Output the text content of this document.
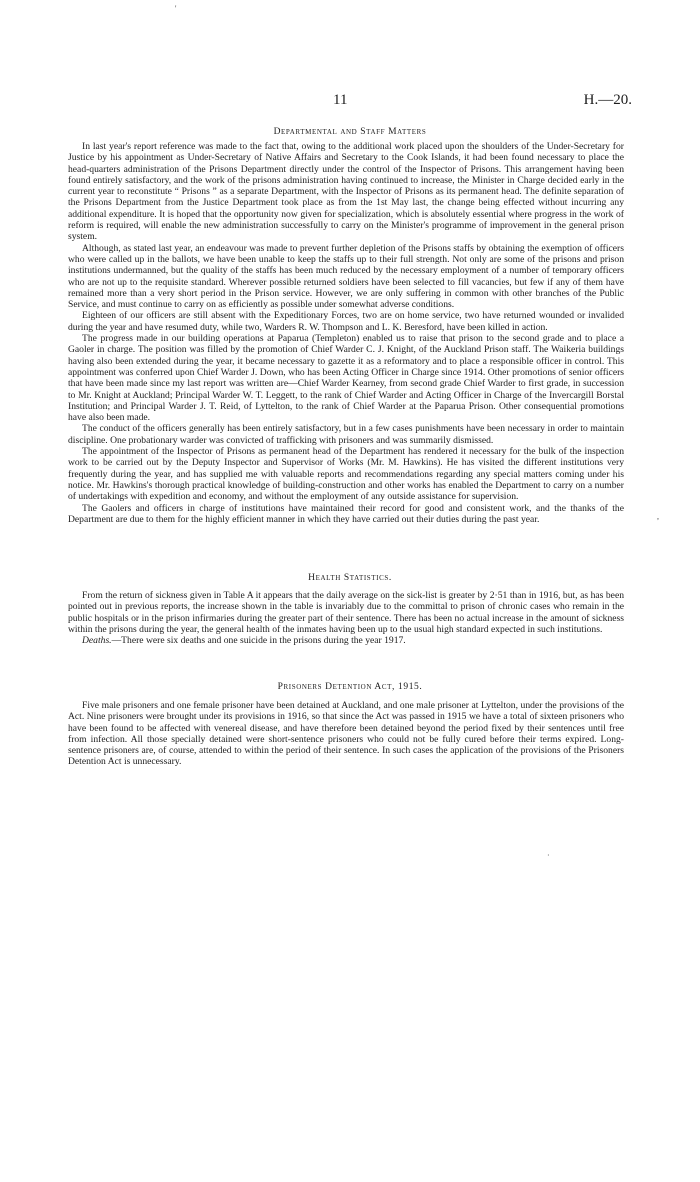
'
11	H.—20.
Departmental and Staff Matters

In last year's report reference was made to the fact that, owing to the additional work placed upon the shoulders of the Under-Secretary for Justice by his appointment as Under-Secretary of Native Affairs and Secretary to the Cook Islands, it had been found necessary to place the head-quarters administration of the Prisons Department directly under the control of the Inspector of Prisons. This arrangement having been found entirely satisfactory, and the work of the prisons administration having continued to increase, the Minister in Charge decided early in the current year to reconstitute “ Prisons ” as a separate Department, with the Inspector of Prisons as its permanent head. The definite separation of the Prisons Department from the Justice Department took place as from the 1st May last, the change being effected without incurring any additional expenditure. It is hoped that the opportunity now given for specialization, which is absolutely essential where progress in the work of reform is required, will enable the new administration successfully to carry on the Minister's programme of improvement in the general prison system.

Although, as stated last year, an endeavour was made to prevent further depletion of the Prisons staffs by obtaining the exemption of officers who were called up in the ballots, we have been unable to keep the staffs up to their full strength. Not only are some of the prisons and prison institutions undermanned, but the quality of the staffs has been much reduced by the necessary employment of a number of temporary officers who are not up to the requisite standard. Wherever possible returned soldiers have been selected to fill vacancies, but few if any of them have remained more than a very short period in the Prison service. However, we are only suffering in common with other branches of the Public Service, and must continue to carry on as efficiently as possible under somewhat adverse conditions.

Eighteen of our officers are still absent with the Expeditionary Forces, two are on home service, two have returned wounded or invalided during the year and have resumed duty, while two, Warders R. W. Thompson and L. K. Beresford, have been killed in action.

The progress made in our building operations at Paparua (Templeton) enabled us to raise that prison to the second grade and to place a Gaoler in charge. The position was filled by the promotion of Chief Warder C. J. Knight, of the Auckland Prison staff. The Waikeria buildings having also been extended during the year, it became necessary to gazette it as a reformatory and to place a responsible officer in control. This appointment was conferred upon Chief Warder J. Down, who has been Acting Officer in Charge since 1914. Other promotions of senior officers that have been made since my last report was written are—Chief Warder Kearney, from second grade Chief Warder to first grade, in succession to Mr. Knight at Auckland; Principal Warder W. T. Leggett, to the rank of Chief Warder and Acting Officer in Charge of the Invercargill Borstal Institution; and Principal Warder J. T. Reid, of Lyttelton, to the rank of Chief Warder at the Paparua Prison. Other consequential promotions have also been made.

The conduct of the officers generally has been entirely satisfactory, but in a few cases punishments have been necessary in order to maintain discipline. One probationary warder was convicted of trafficking with prisoners and was summarily dismissed.

The appointment of the Inspector of Prisons as permanent head of the Department has rendered it necessary for the bulk of the inspection work to be carried out by the Deputy Inspector and Supervisor of Works (Mr. M. Hawkins). He has visited the different institutions very frequently during the year, and has supplied me with valuable reports and recommendations regarding any special matters coming under his notice. Mr. Hawkins's thorough practical knowledge of building-construction and other works has enabled the Department to carry on a number of undertakings with expedition and economy, and without the employment of any outside assistance for supervision.

The Gaolers and officers in charge of institutions have maintained their record for good and consistent work, and the thanks of the Department are due to them for the highly efficient manner in which they have carried out their duties during the past year.

Health Statistics.

From the return of sickness given in Table A it appears that the daily average on the sick-list is greater by 2·51 than in 1916, but, as has been pointed out in previous reports, the increase shown in the table is invariably due to the committal to prison of chronic cases who remain in the public hospitals or in the prison infirmaries during the greater part of their sentence. There has been no actual increase in the amount of sickness within the prisons during the year, the general health of the inmates having been up to the usual high standard expected in such institutions.

Deaths.—There were six deaths and one suicide in the prisons during the year 1917.

Prisoners Detention Act, 1915.

Five male prisoners and one female prisoner have been detained at Auckland, and one male prisoner at Lyttelton, under the provisions of the Act. Nine prisoners were brought under its provisions in 1916, so that since the Act was passed in 1915 we have a total of sixteen prisoners who have been found to be affected with venereal disease, and have therefore been detained beyond the period fixed by their sentences until free from infection. All those specially detained were short-sentence prisoners who could not be fully cured before their terms expired. Long-sentence prisoners are, of course, attended to within the period of their sentence. In such cases the application of the provisions of the Prisoners Detention Act is unnecessary.

·
,
